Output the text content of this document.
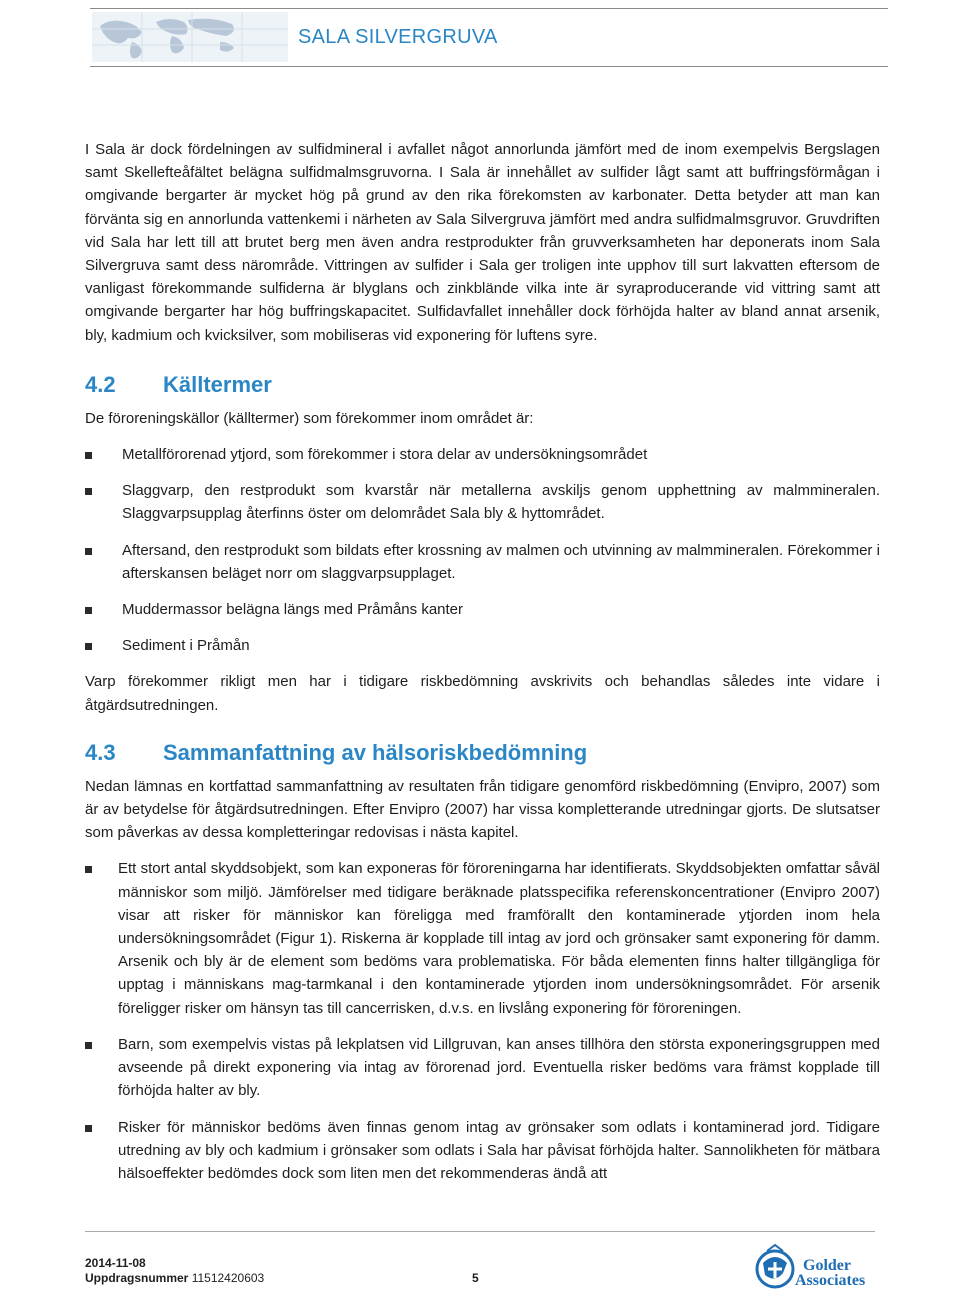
SALA SILVERGRUVA

I Sala är dock fördelningen av sulfidmineral i avfallet något annorlunda jämfört med de inom exempelvis Bergslagen samt Skellefteåfältet belägna sulfidmalmsgruvorna. I Sala är innehållet av sulfider lågt samt att buffringsförmågan i omgivande bergarter är mycket hög på grund av den rika förekomsten av karbonater. Detta betyder att man kan förvänta sig en annorlunda vattenkemi i närheten av Sala Silvergruva jämfört med andra sulfidmalmsgruvor. Gruvdriften vid Sala har lett till att brutet berg men även andra restprodukter från gruvverksamheten har deponerats inom Sala Silvergruva samt dess närområde. Vittringen av sulfider i Sala ger troligen inte upphov till surt lakvatten eftersom de vanligast förekommande sulfiderna är blyglans och zinkblände vilka inte är syraproducerande vid vittring samt att omgivande bergarter har hög buffringskapacitet. Sulfidavfallet innehåller dock förhöjda halter av bland annat arsenik, bly, kadmium och kvicksilver, som mobiliseras vid exponering för luftens syre.

4.2	Källtermer

De föroreningskällor (källtermer) som förekommer inom området är:

Metallförorenad ytjord, som förekommer i stora delar av undersökningsområdet
Slaggvarp, den restprodukt som kvarstår när metallerna avskiljs genom upphettning av malmmineralen. Slaggvarpsupplag återfinns öster om delområdet Sala bly & hyttområdet.
Aftersand, den restprodukt som bildats efter krossning av malmen och utvinning av malmmineralen. Förekommer i afterskansen beläget norr om slaggvarpsupplaget.
Muddermassor belägna längs med Pråmåns kanter
Sediment i Pråmån

Varp förekommer rikligt men har i tidigare riskbedömning avskrivits och behandlas således inte vidare i åtgärdsutredningen.

4.3	Sammanfattning av hälsoriskbedömning

Nedan lämnas en kortfattad sammanfattning av resultaten från tidigare genomförd riskbedömning (Envipro, 2007) som är av betydelse för åtgärdsutredningen. Efter Envipro (2007) har vissa kompletterande utredningar gjorts. De slutsatser som påverkas av dessa kompletteringar redovisas i nästa kapitel.

Ett stort antal skyddsobjekt, som kan exponeras för föroreningarna har identifierats. Skyddsobjekten omfattar såväl människor som miljö. Jämförelser med tidigare beräknade platsspecifika referenskoncentrationer (Envipro 2007) visar att risker för människor kan föreligga med framförallt den kontaminerade ytjorden inom hela undersökningsområdet (Figur 1). Riskerna är kopplade till intag av jord och grönsaker samt exponering för damm. Arsenik och bly är de element som bedöms vara problematiska. För båda elementen finns halter tillgängliga för upptag i människans mag-tarmkanal i den kontaminerade ytjorden inom undersökningsområdet. För arsenik föreligger risker om hänsyn tas till cancerrisken, d.v.s. en livslång exponering för föroreningen.
Barn, som exempelvis vistas på lekplatsen vid Lillgruvan, kan anses tillhöra den största exponeringsgruppen med avseende på direkt exponering via intag av förorenad jord. Eventuella risker bedöms vara främst kopplade till förhöjda halter av bly.
Risker för människor bedöms även finnas genom intag av grönsaker som odlats i kontaminerad jord. Tidigare utredning av bly och kadmium i grönsaker som odlats i Sala har påvisat förhöjda halter. Sannolikheten för mätbara hälsoeffekter bedömdes dock som liten men det rekommenderas ändå att
2014-11-08
Uppdragsnummer 11512420603	5
Golder
Associates
